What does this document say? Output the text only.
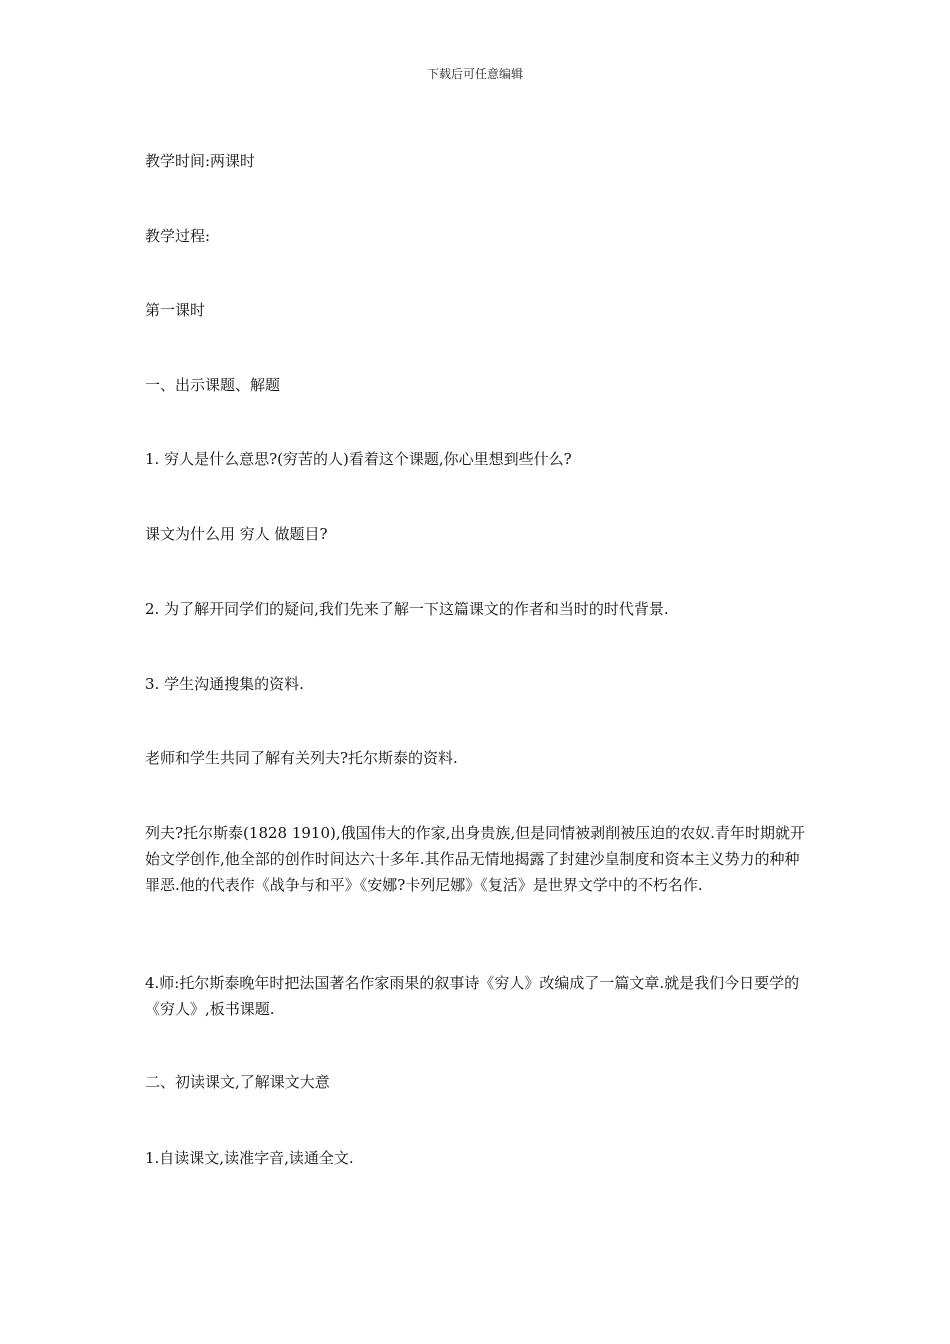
下载后可任意编辑

教学时间:两课时

教学过程:

第一课时

一、出示课题、解题

1. 穷人是什么意思?(穷苦的人)看着这个课题,你心里想到些什么?

课文为什么用 穷人 做题目?

2. 为了解开同学们的疑问,我们先来了解一下这篇课文的作者和当时的时代背景.

3. 学生沟通搜集的资料.

老师和学生共同了解有关列夫?托尔斯泰的资料.

列夫?托尔斯泰(1828 1910),俄国伟大的作家,出身贵族,但是同情被剥削被压迫的农奴.青年时期就开始文学创作,他全部的创作时间达六十多年.其作品无情地揭露了封建沙皇制度和资本主义势力的种种罪恶.他的代表作《战争与和平》《安娜?卡列尼娜》《复活》是世界文学中的不朽名作.

4.师:托尔斯泰晚年时把法国著名作家雨果的叙事诗《穷人》改编成了一篇文章.就是我们今日要学的《穷人》,板书课题.

二、初读课文,了解课文大意

1.自读课文,读准字音,读通全文.
